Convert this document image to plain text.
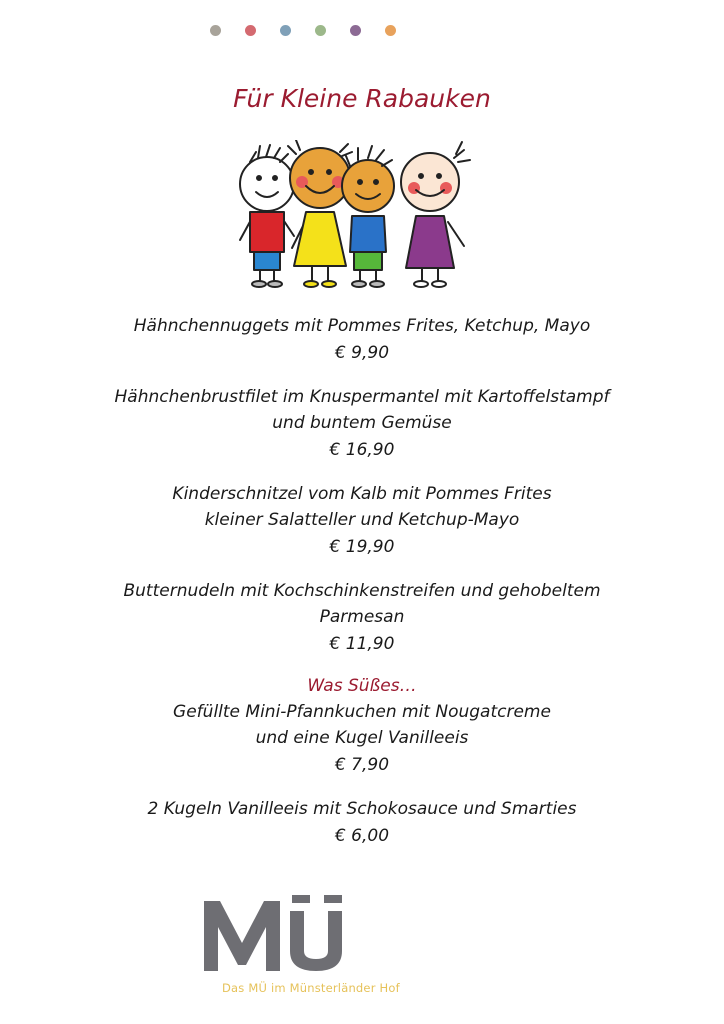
Für Kleine Rabauken
Hähnchennuggets mit Pommes Frites, Ketchup, Mayo
€ 9,90
Hähnchenbrustfilet im Knuspermantel mit Kartoffelstampf
und buntem Gemüse
€ 16,90
Kinderschnitzel vom Kalb mit Pommes Frites
kleiner Salatteller und Ketchup-Mayo
€ 19,90
Butternudeln mit Kochschinkenstreifen und gehobeltem
Parmesan
€ 11,90
Was Süßes…
Gefüllte Mini-Pfannkuchen mit Nougatcreme
und eine Kugel Vanilleeis
€ 7,90
2 Kugeln Vanilleeis mit Schokosauce und Smarties
€ 6,00
Das MÜ im Münsterländer Hof
